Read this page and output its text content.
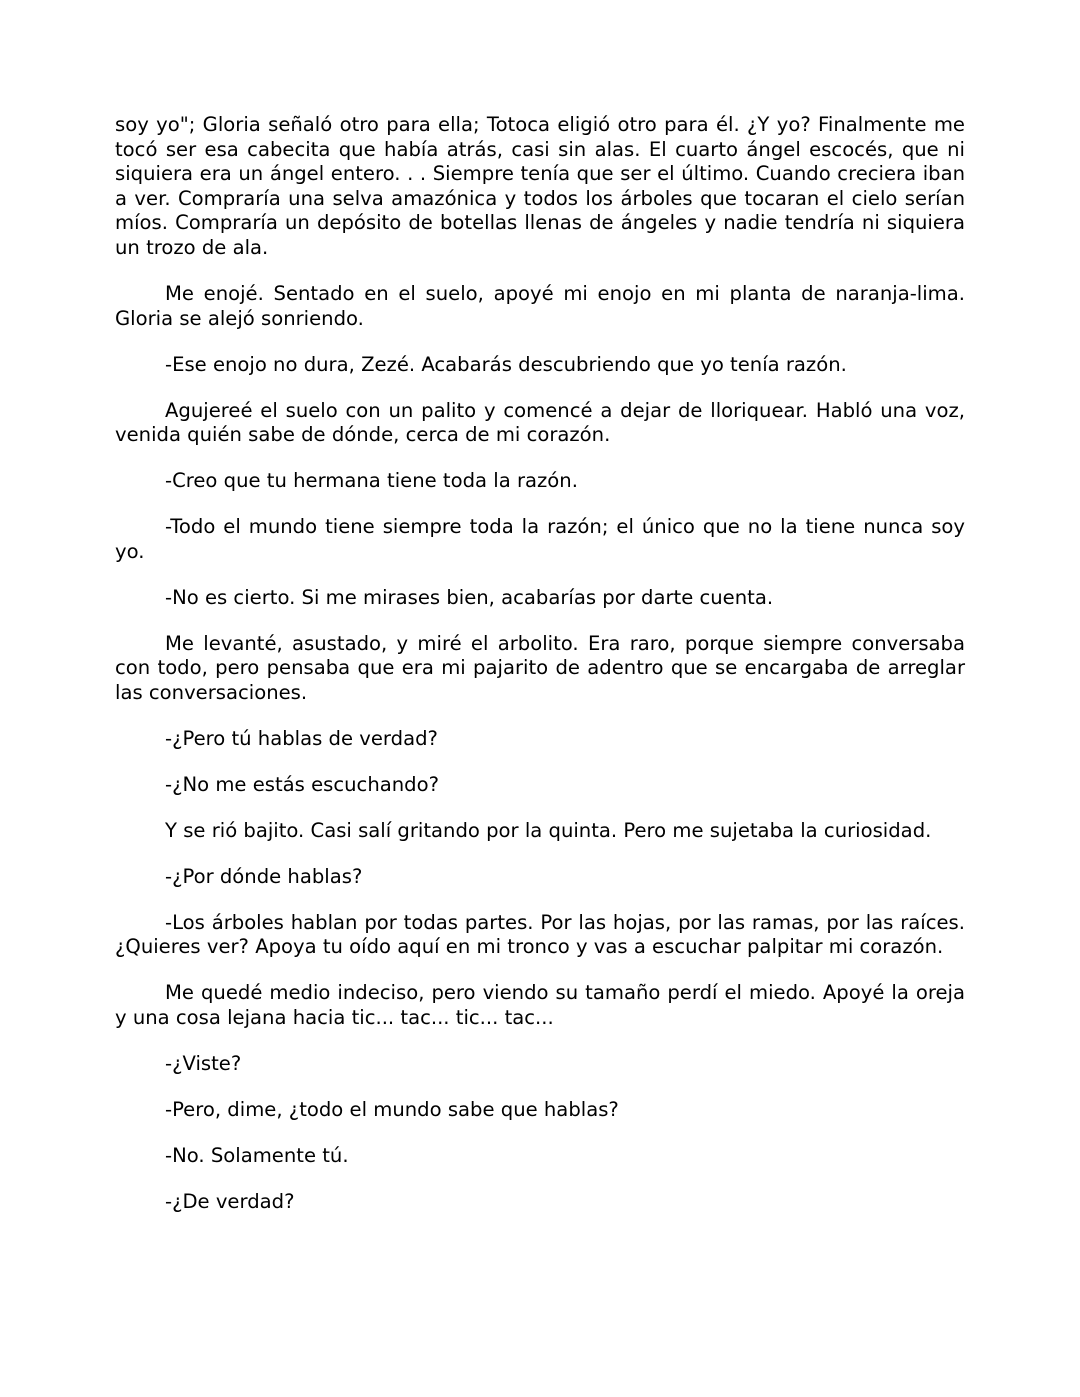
soy yo"; Gloria señaló otro para ella; Totoca eligió otro para él. ¿Y yo? Finalmente me tocó ser esa cabecita que había atrás, casi sin alas. El cuarto ángel escocés, que ni siquiera era un ángel entero. . . Siempre tenía que ser el último. Cuando creciera iban a ver. Compraría una selva amazónica y todos los árboles que tocaran el cielo serían míos. Compraría un depósito de botellas llenas de ángeles y nadie tendría ni siquiera un trozo de ala.

Me enojé. Sentado en el suelo, apoyé mi enojo en mi planta de naranja-lima. Gloria se alejó sonriendo.

-Ese enojo no dura, Zezé. Acabarás descubriendo que yo tenía razón.

Agujereé el suelo con un palito y comencé a dejar de lloriquear. Habló una voz, venida quién sabe de dónde, cerca de mi corazón.

-Creo que tu hermana tiene toda la razón.

-Todo el mundo tiene siempre toda la razón; el único que no la tiene nunca soy yo.

-No es cierto. Si me mirases bien, acabarías por darte cuenta.

Me levanté, asustado, y miré el arbolito. Era raro, porque siempre conversaba con todo, pero pensaba que era mi pajarito de adentro que se encargaba de arreglar las conversaciones.

-¿Pero tú hablas de verdad?

-¿No me estás escuchando?

Y se rió bajito. Casi salí gritando por la quinta. Pero me sujetaba la curiosidad.

-¿Por dónde hablas?

-Los árboles hablan por todas partes. Por las hojas, por las ramas, por las raíces. ¿Quieres ver? Apoya tu oído aquí en mi tronco y vas a escuchar palpitar mi corazón.

Me quedé medio indeciso, pero viendo su tamaño perdí el miedo. Apoyé la oreja y una cosa lejana hacia tic... tac... tic... tac...

-¿Viste?

-Pero, dime, ¿todo el mundo sabe que hablas?

-No. Solamente tú.

-¿De verdad?
